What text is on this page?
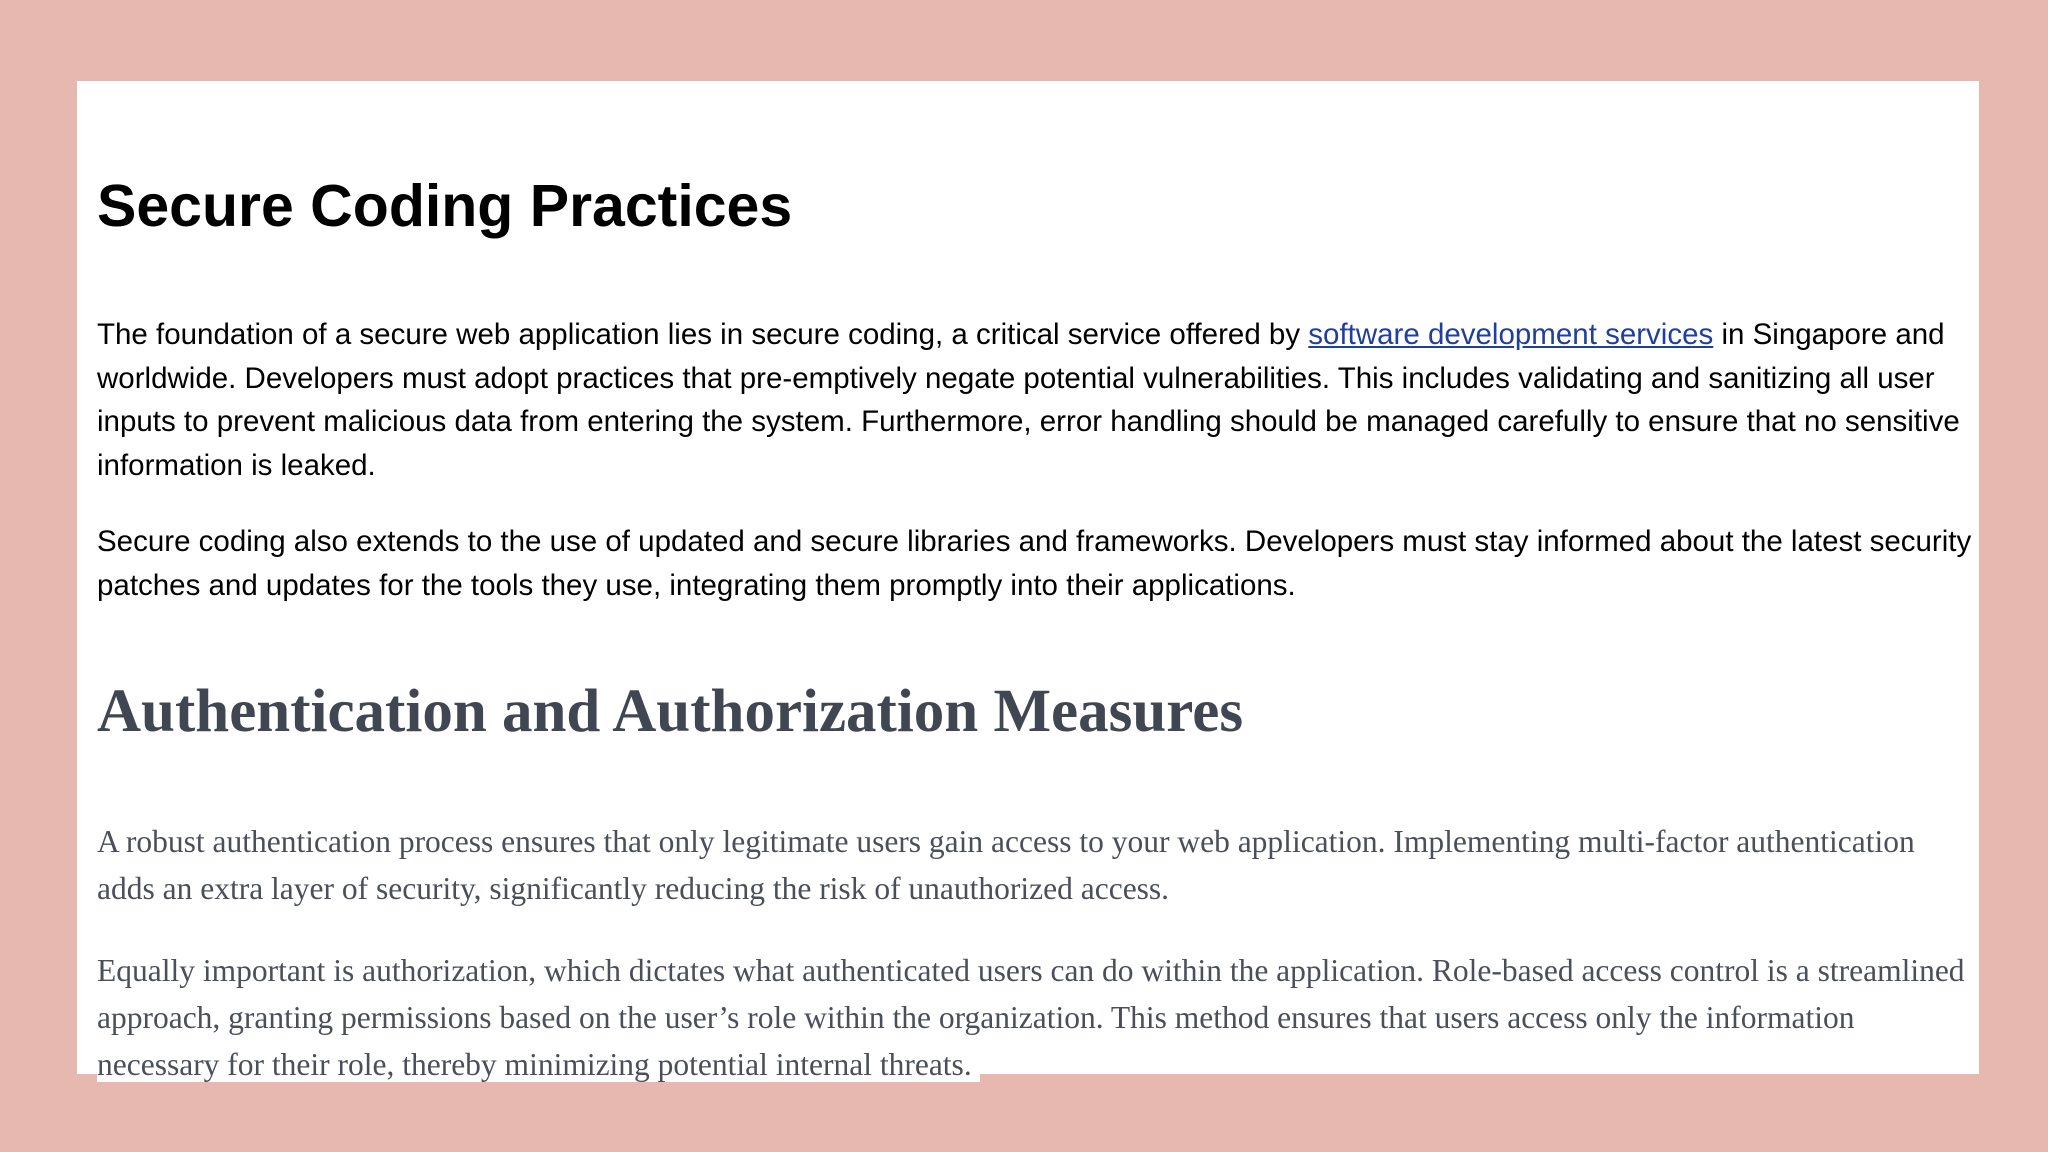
Secure Coding Practices

The foundation of a secure web application lies in secure coding, a critical service offered by software development services in Singapore and worldwide. Developers must adopt practices that pre-emptively negate potential vulnerabilities. This includes validating and sanitizing all user inputs to prevent malicious data from entering the system. Furthermore, error handling should be managed carefully to ensure that no sensitive information is leaked.

Secure coding also extends to the use of updated and secure libraries and frameworks. Developers must stay informed about the latest security patches and updates for the tools they use, integrating them promptly into their applications.

Authentication and Authorization Measures

A robust authentication process ensures that only legitimate users gain access to your web application. Implementing multi-factor authentication adds an extra layer of security, significantly reducing the risk of unauthorized access.

Equally important is authorization, which dictates what authenticated users can do within the application. Role-based access control is a streamlined approach, granting permissions based on the user’s role within the organization. This method ensures that users access only the information necessary for their role, thereby minimizing potential internal threats.
